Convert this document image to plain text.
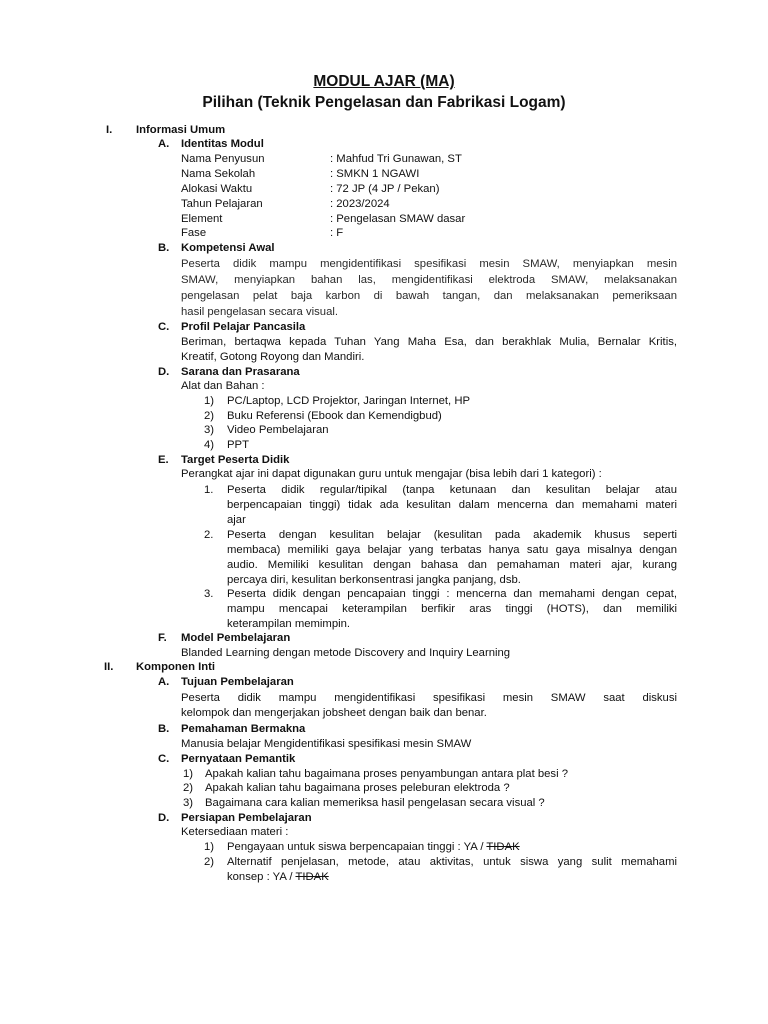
MODUL AJAR (MA)
Pilihan (Teknik Pengelasan dan Fabrikasi Logam)
I. Informasi Umum
A. Identitas Modul
Nama Penyusun	: Mahfud Tri Gunawan, ST
Nama Sekolah	: SMKN 1 NGAWI
Alokasi Waktu	: 72 JP (4 JP / Pekan)
Tahun Pelajaran	: 2023/2024
Element	: Pengelasan SMAW dasar
Fase	: F
B. Kompetensi Awal
Peserta didik mampu mengidentifikasi spesifikasi mesin SMAW, menyiapkan mesin
SMAW, menyiapkan bahan las, mengidentifikasi elektroda SMAW, melaksanakan
pengelasan pelat baja karbon di bawah tangan, dan melaksanakan pemeriksaan
hasil pengelasan secara visual.
C. Profil Pelajar Pancasila
Beriman, bertaqwa kepada Tuhan Yang Maha Esa, dan berakhlak Mulia, Bernalar Kritis,
Kreatif, Gotong Royong dan Mandiri.
D. Sarana dan Prasarana
Alat dan Bahan :
1) PC/Laptop, LCD Projektor, Jaringan Internet, HP
2) Buku Referensi (Ebook dan Kemendigbud)
3) Video Pembelajaran
4) PPT
E. Target Peserta Didik
Perangkat ajar ini dapat digunakan guru untuk mengajar (bisa lebih dari 1 kategori) :
1. Peserta didik regular/tipikal (tanpa ketunaan dan kesulitan belajar atau
berpencapaian tinggi) tidak ada kesulitan dalam mencerna dan memahami materi
ajar
2. Peserta dengan kesulitan belajar (kesulitan pada akademik khusus seperti
membaca) memiliki gaya belajar yang terbatas hanya satu gaya misalnya dengan
audio. Memiliki kesulitan dengan bahasa dan pemahaman materi ajar, kurang
percaya diri, kesulitan berkonsentrasi jangka panjang, dsb.
3. Peserta didik dengan pencapaian tinggi : mencerna dan memahami dengan cepat,
mampu mencapai keterampilan berfikir aras tinggi (HOTS), dan memiliki
keterampilan memimpin.
F. Model Pembelajaran
Blanded Learning dengan metode Discovery and Inquiry Learning
II. Komponen Inti
A. Tujuan Pembelajaran
Peserta didik mampu mengidentifikasi spesifikasi mesin SMAW saat diskusi
kelompok dan mengerjakan jobsheet dengan baik dan benar.
B. Pemahaman Bermakna
Manusia belajar Mengidentifikasi spesifikasi mesin SMAW
C. Pernyataan Pemantik
1) Apakah kalian tahu bagaimana proses penyambungan antara plat besi ?
2) Apakah kalian tahu bagaimana proses peleburan elektroda ?
3) Bagaimana cara kalian memeriksa hasil pengelasan secara visual ?
D. Persiapan Pembelajaran
Ketersediaan materi :
1) Pengayaan untuk siswa berpencapaian tinggi : YA / TIDAK
2) Alternatif penjelasan, metode, atau aktivitas, untuk siswa yang sulit memahami
konsep : YA / TIDAK
